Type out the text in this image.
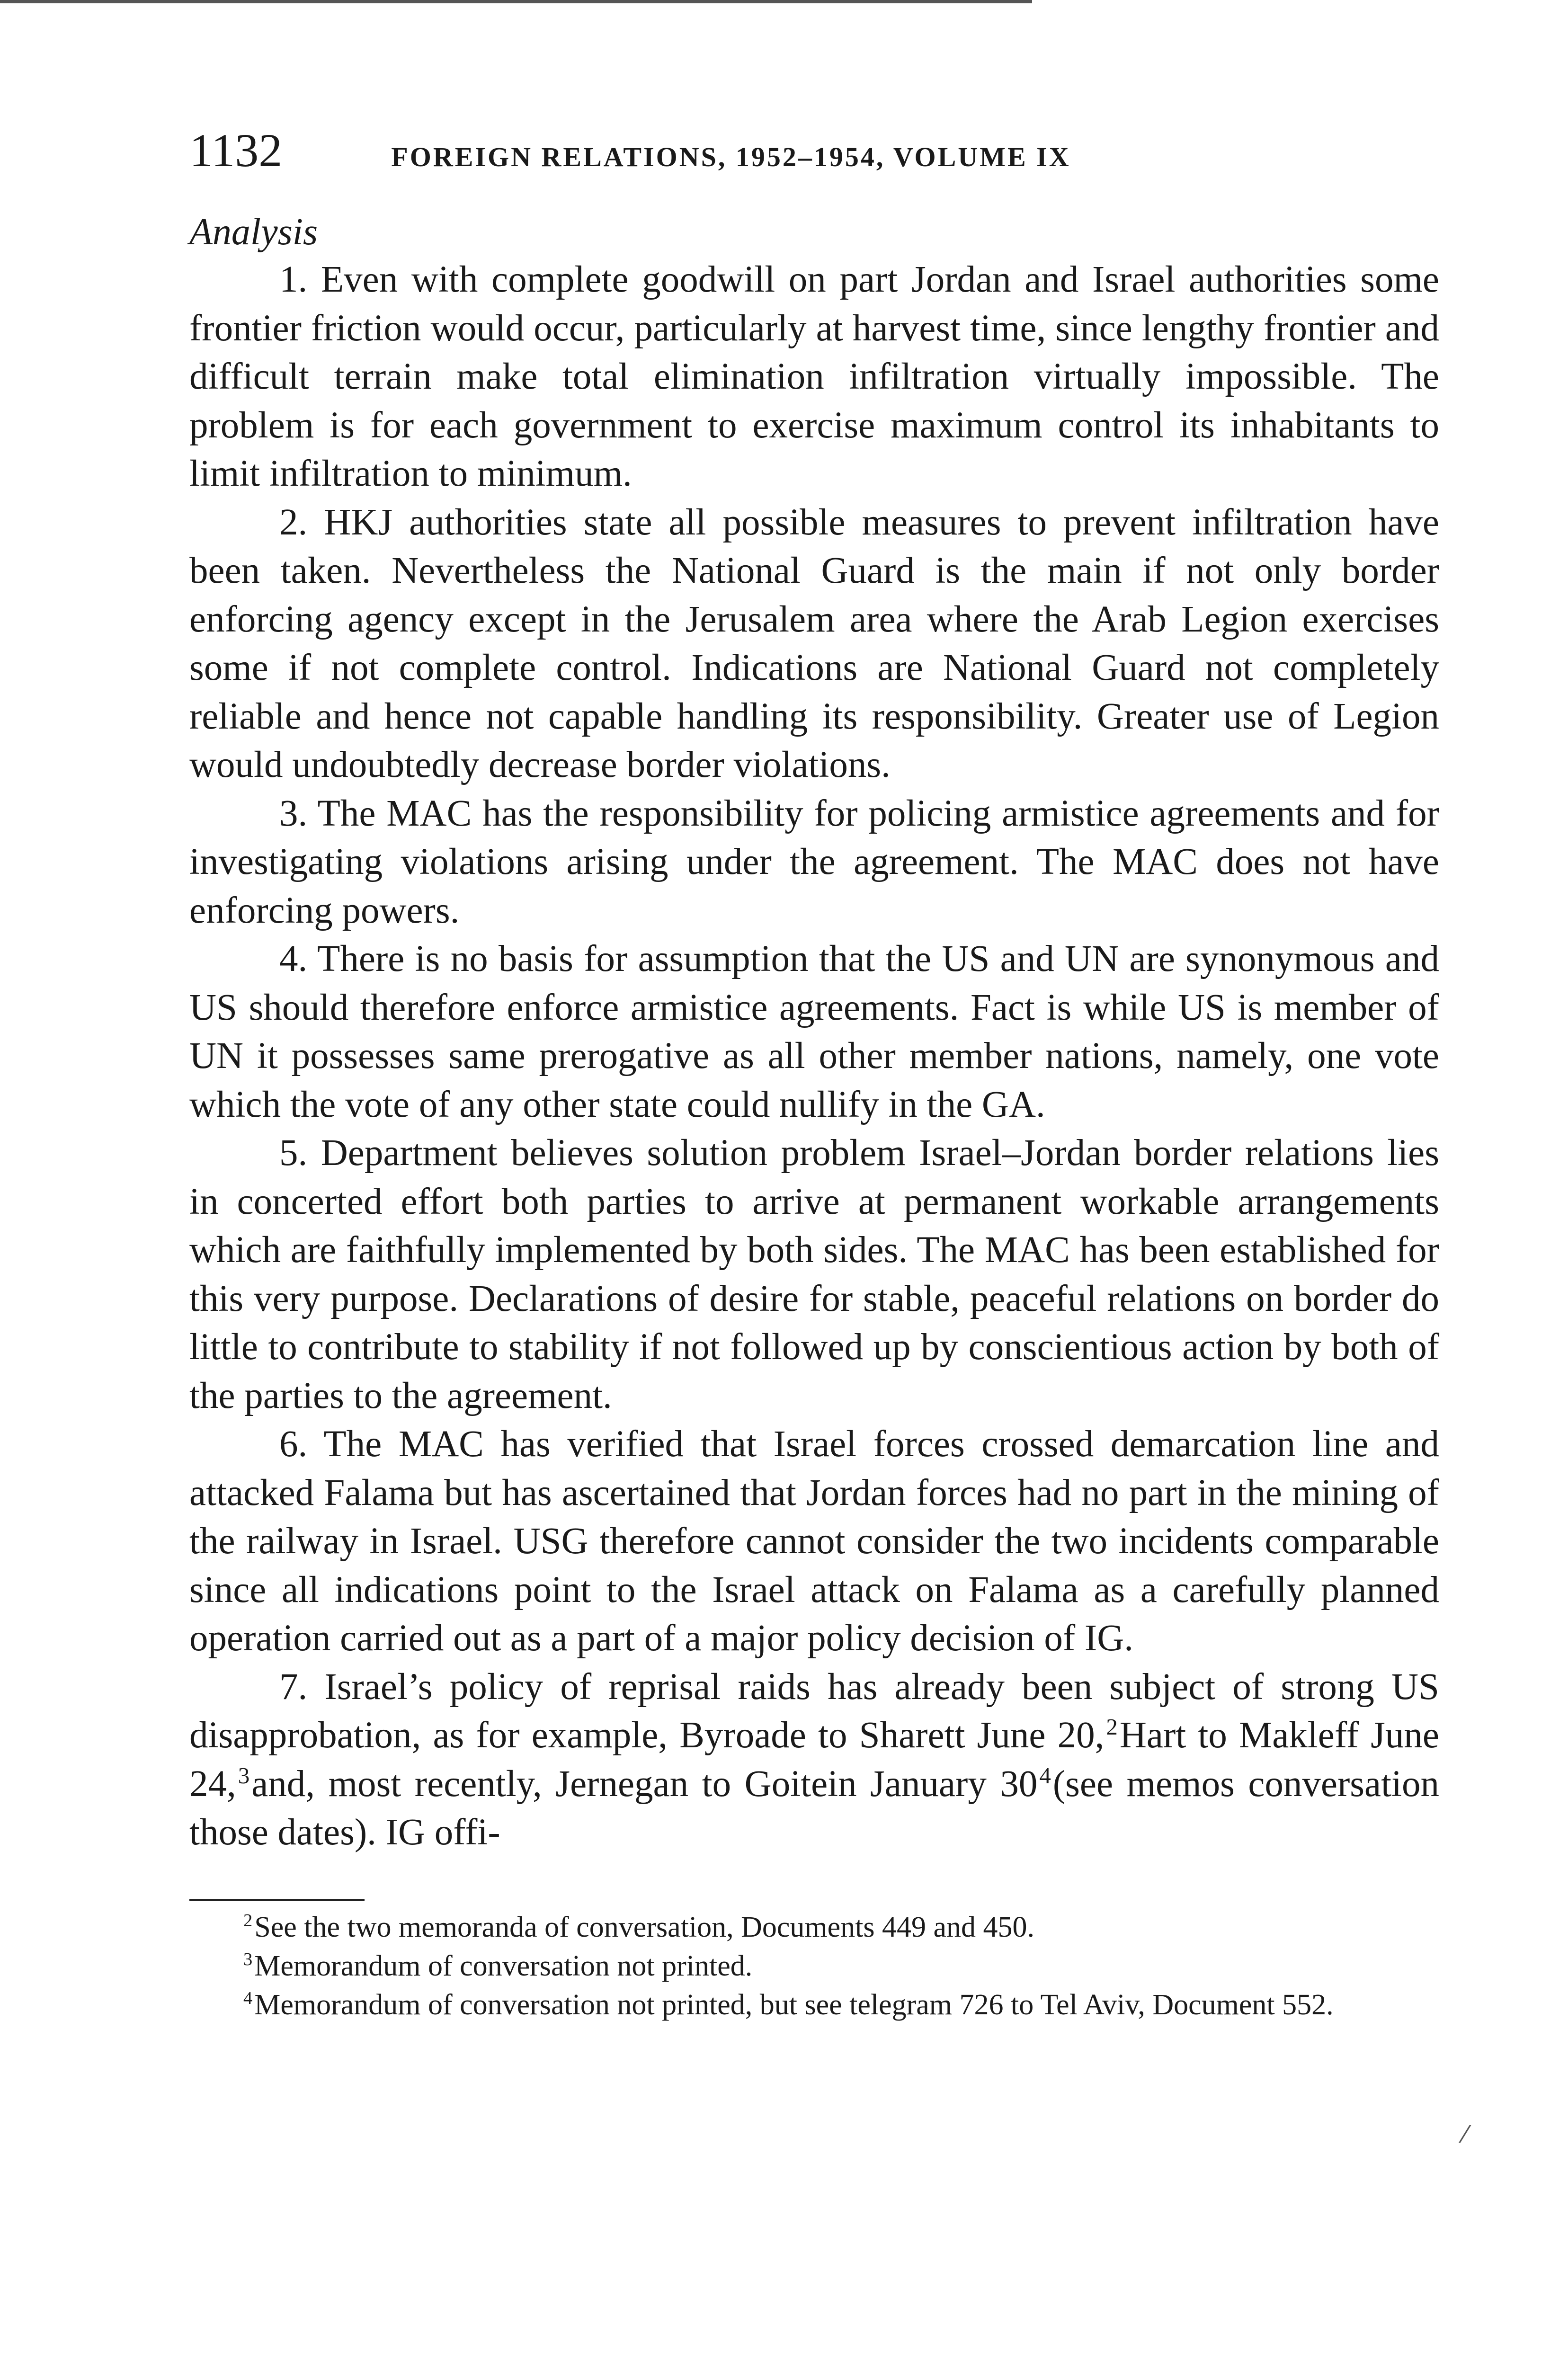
1132	FOREIGN RELATIONS, 1952–1954, VOLUME IX
Analysis

1. Even with complete goodwill on part Jordan and Israel authorities some frontier friction would occur, particularly at harvest time, since lengthy frontier and difficult terrain make total elimination infiltration virtually impossible. The problem is for each government to exercise maximum control its inhabitants to limit infiltration to minimum.

2. HKJ authorities state all possible measures to prevent infiltration have been taken. Nevertheless the National Guard is the main if not only border enforcing agency except in the Jerusalem area where the Arab Legion exercises some if not complete control. Indications are National Guard not completely reliable and hence not capable handling its responsibility. Greater use of Legion would undoubtedly decrease border violations.

3. The MAC has the responsibility for policing armistice agreements and for investigating violations arising under the agreement. The MAC does not have enforcing powers.

4. There is no basis for assumption that the US and UN are synonymous and US should therefore enforce armistice agreements. Fact is while US is member of UN it possesses same prerogative as all other member nations, namely, one vote which the vote of any other state could nullify in the GA.

5. Department believes solution problem Israel–Jordan border relations lies in concerted effort both parties to arrive at permanent workable arrangements which are faithfully implemented by both sides. The MAC has been established for this very purpose. Declarations of desire for stable, peaceful relations on border do little to contribute to stability if not followed up by conscientious action by both of the parties to the agreement.

6. The MAC has verified that Israel forces crossed demarcation line and attacked Falama but has ascertained that Jordan forces had no part in the mining of the railway in Israel. USG therefore cannot consider the two incidents comparable since all indications point to the Israel attack on Falama as a carefully planned operation carried out as a part of a major policy decision of IG.

7. Israel’s policy of reprisal raids has already been subject of strong US disapprobation, as for example, Byroade to Sharett June 20,$^2$Hart to Makleff June 24,$^3$and, most recently, Jernegan to Goitein January 30$^4$(see memos conversation those dates). IG offi-

$^2$See the two memoranda of conversation, Documents 449 and 450.

$^3$Memorandum of conversation not printed.

$^4$Memorandum of conversation not printed, but see telegram 726 to Tel Aviv, Document 552.

⁄
